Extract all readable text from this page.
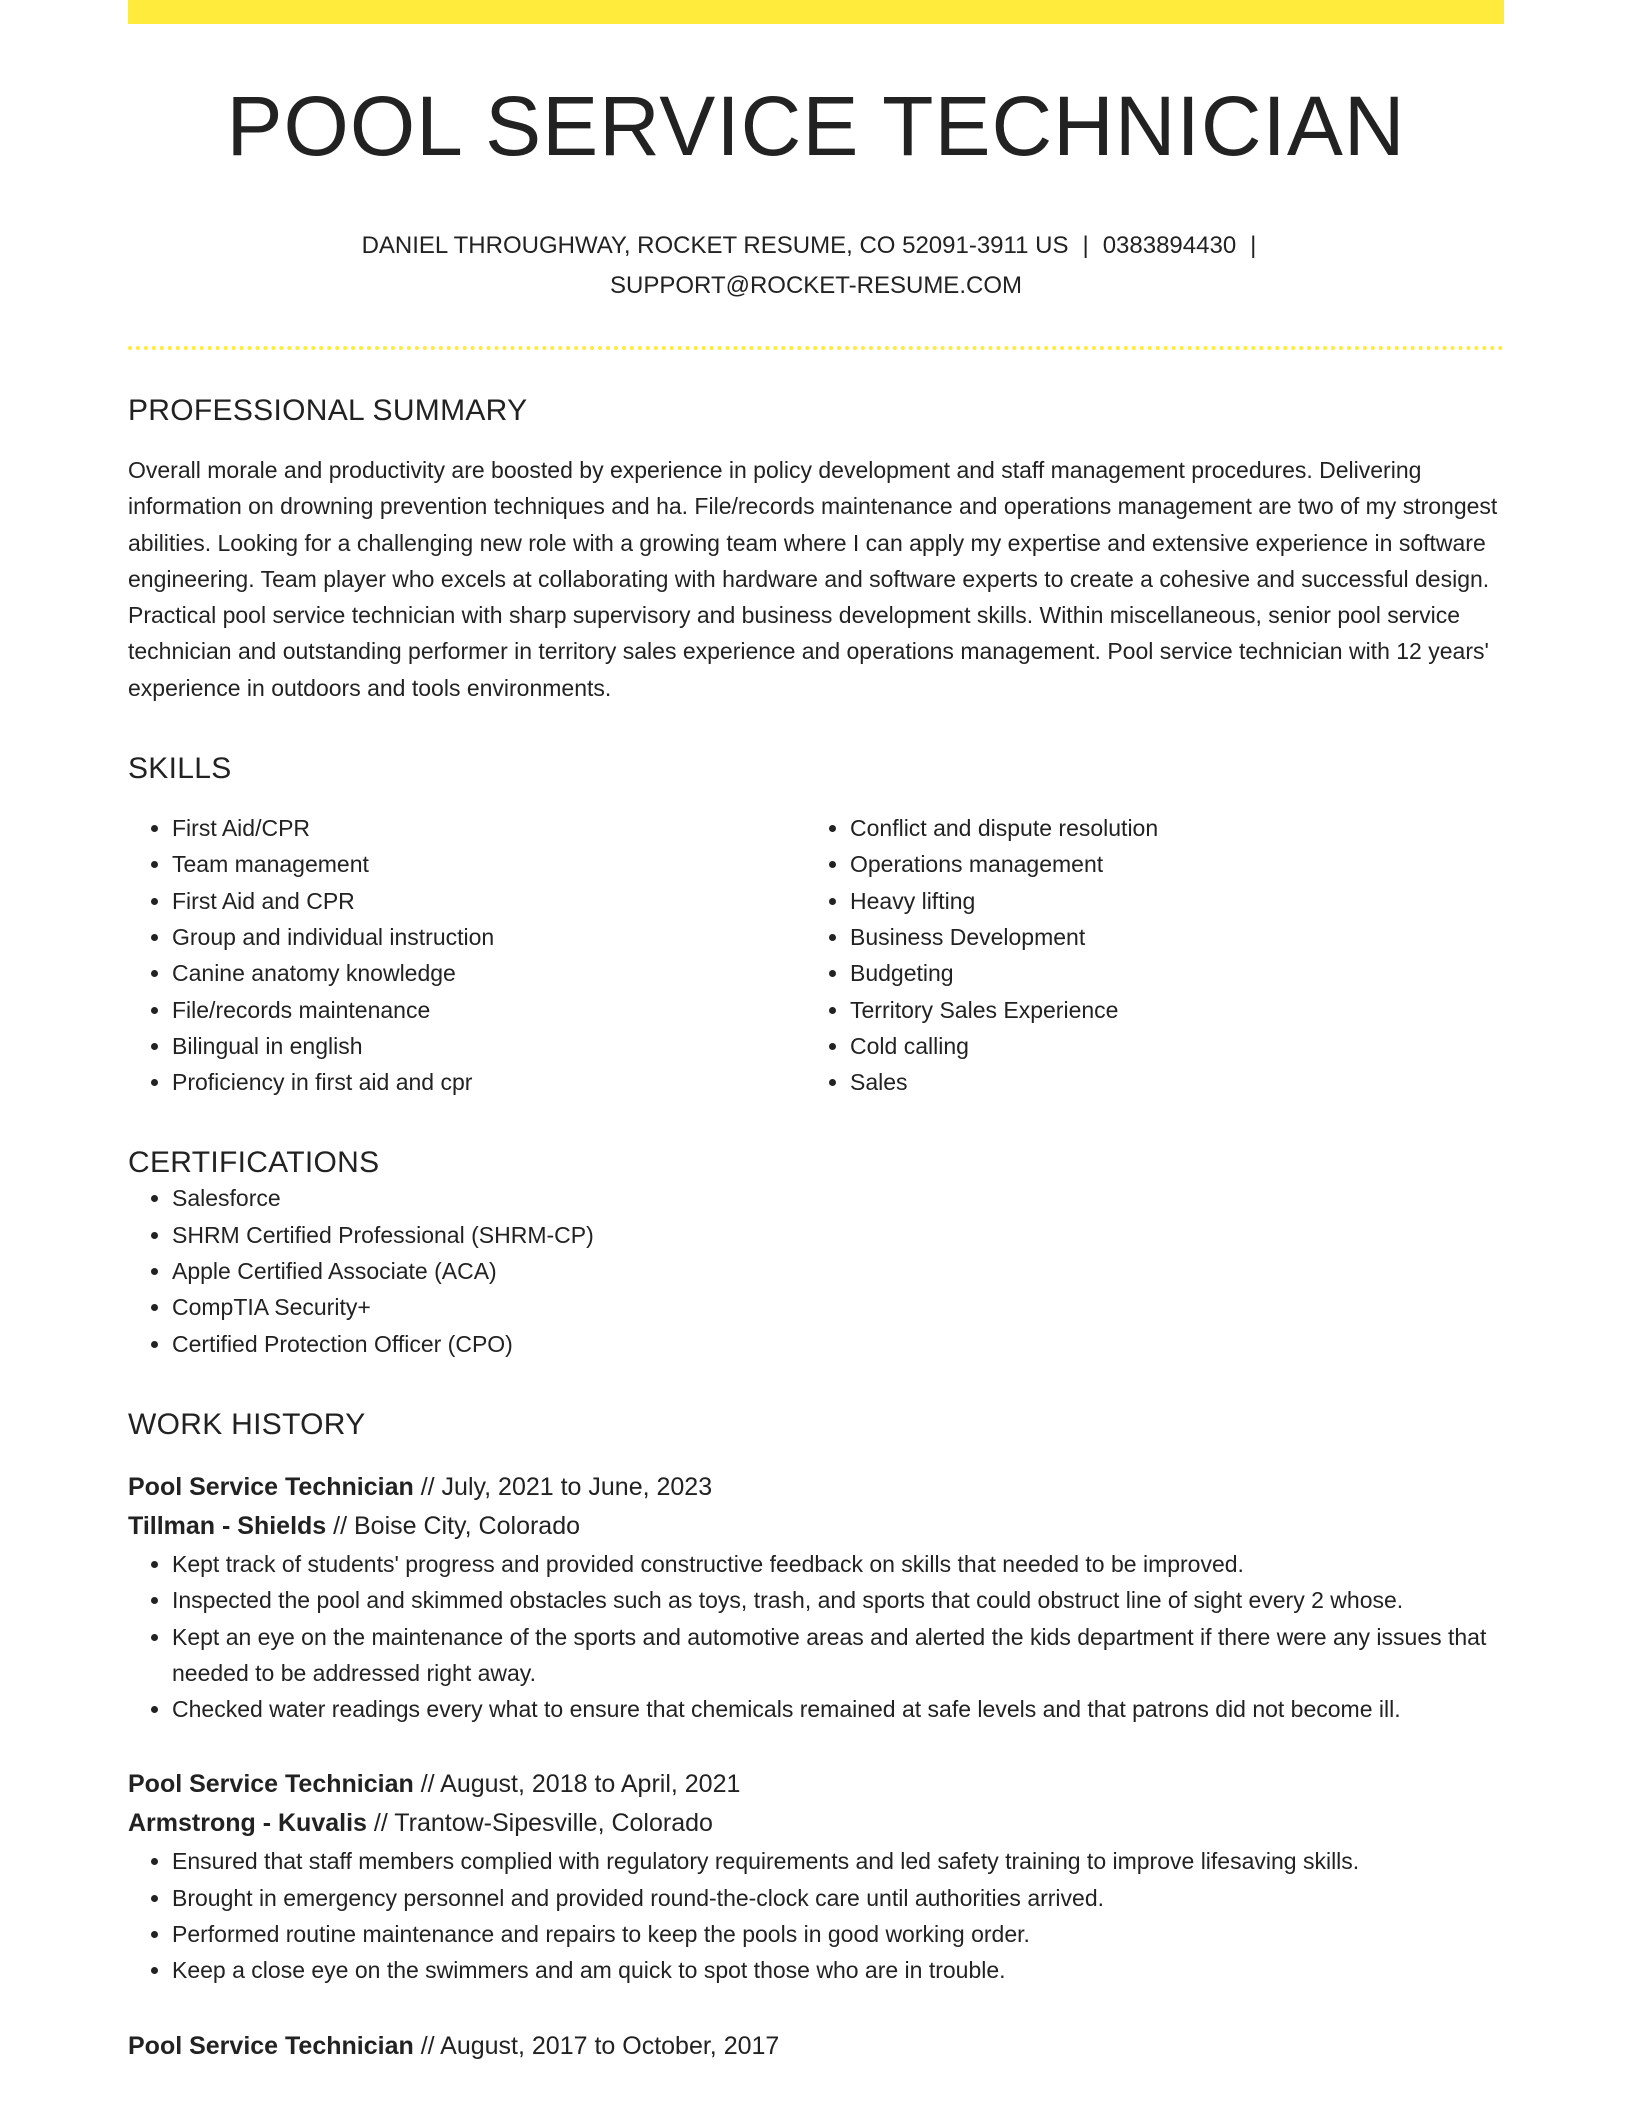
POOL SERVICE TECHNICIAN
DANIEL THROUGHWAY, ROCKET RESUME, CO 52091-3911 US | 0383894430 |
SUPPORT@ROCKET-RESUME.COM
PROFESSIONAL SUMMARY
Overall morale and productivity are boosted by experience in policy development and staff management procedures. Delivering information on drowning prevention techniques and ha. File/records maintenance and operations management are two of my strongest abilities. Looking for a challenging new role with a growing team where I can apply my expertise and extensive experience in software engineering. Team player who excels at collaborating with hardware and software experts to create a cohesive and successful design. Practical pool service technician with sharp supervisory and business development skills. Within miscellaneous, senior pool service technician and outstanding performer in territory sales experience and operations management. Pool service technician with 12 years' experience in outdoors and tools environments.
SKILLS
• First Aid/CPR
• Team management
• First Aid and CPR
• Group and individual instruction
• Canine anatomy knowledge
• File/records maintenance
• Bilingual in english
• Proficiency in first aid and cpr
• Conflict and dispute resolution
• Operations management
• Heavy lifting
• Business Development
• Budgeting
• Territory Sales Experience
• Cold calling
• Sales
CERTIFICATIONS
• Salesforce
• SHRM Certified Professional (SHRM-CP)
• Apple Certified Associate (ACA)
• CompTIA Security+
• Certified Protection Officer (CPO)
WORK HISTORY
Pool Service Technician // July, 2021 to June, 2023
Tillman - Shields // Boise City, Colorado
• Kept track of students' progress and provided constructive feedback on skills that needed to be improved.
• Inspected the pool and skimmed obstacles such as toys, trash, and sports that could obstruct line of sight every 2 whose.
• Kept an eye on the maintenance of the sports and automotive areas and alerted the kids department if there were any issues that needed to be addressed right away.
• Checked water readings every what to ensure that chemicals remained at safe levels and that patrons did not become ill.
Pool Service Technician // August, 2018 to April, 2021
Armstrong - Kuvalis // Trantow-Sipesville, Colorado
• Ensured that staff members complied with regulatory requirements and led safety training to improve lifesaving skills.
• Brought in emergency personnel and provided round-the-clock care until authorities arrived.
• Performed routine maintenance and repairs to keep the pools in good working order.
• Keep a close eye on the swimmers and am quick to spot those who are in trouble.
Pool Service Technician // August, 2017 to October, 2017
